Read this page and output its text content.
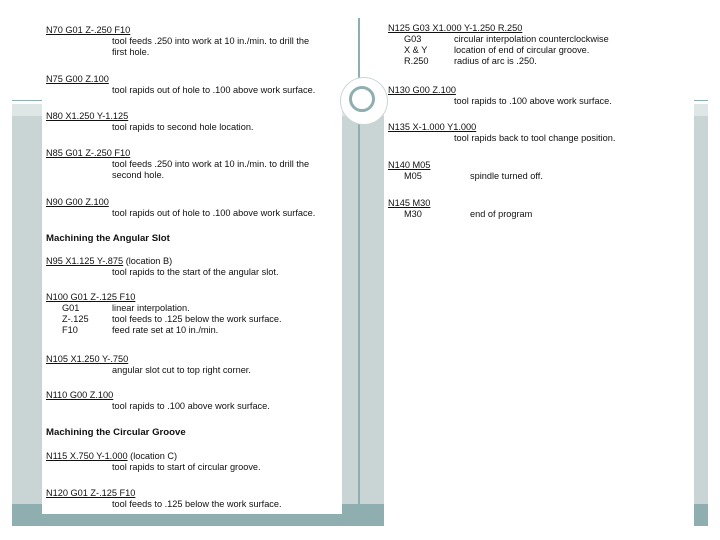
N70 G01 Z-.250 F10
tool feeds .250 into work at 10 in./min. to drill the
first hole.
N75 G00 Z.100
tool rapids out of hole to .100 above work surface.
N80 X1.250 Y-1.125
tool rapids to second hole location.
N85 G01 Z-.250 F10
tool feeds .250 into work at 10 in./min. to drill the
second hole.
N90 G00 Z.100
tool rapids out of hole to .100 above work surface.
Machining the Angular Slot
N95 X1.125 Y-.875 (location B)
tool rapids to the start of the angular slot.
N100 G01 Z-.125 F10
G01	linear interpolation.
Z-.125	tool feeds to .125 below the work surface.
F10	feed rate set at 10 in./min.
N105 X1.250 Y-.750
angular slot cut to top right corner.
N110 G00 Z.100
tool rapids to .100 above work surface.
Machining the Circular Groove
N115 X.750 Y-1.000 (location C)
tool rapids to start of circular groove.
N120 G01 Z-.125 F10
tool feeds to .125 below the work surface.
N125 G03 X1.000 Y-1.250 R.250
G03	circular interpolation counterclockwise
X & Y	location of end of circular groove.
R.250	radius of arc is .250.
N130 G00 Z.100
tool rapids to .100 above work surface.
N135 X-1.000 Y1.000
tool rapids back to tool change position.
N140 M05
M05	spindle turned off.
N145 M30
M30	end of program
